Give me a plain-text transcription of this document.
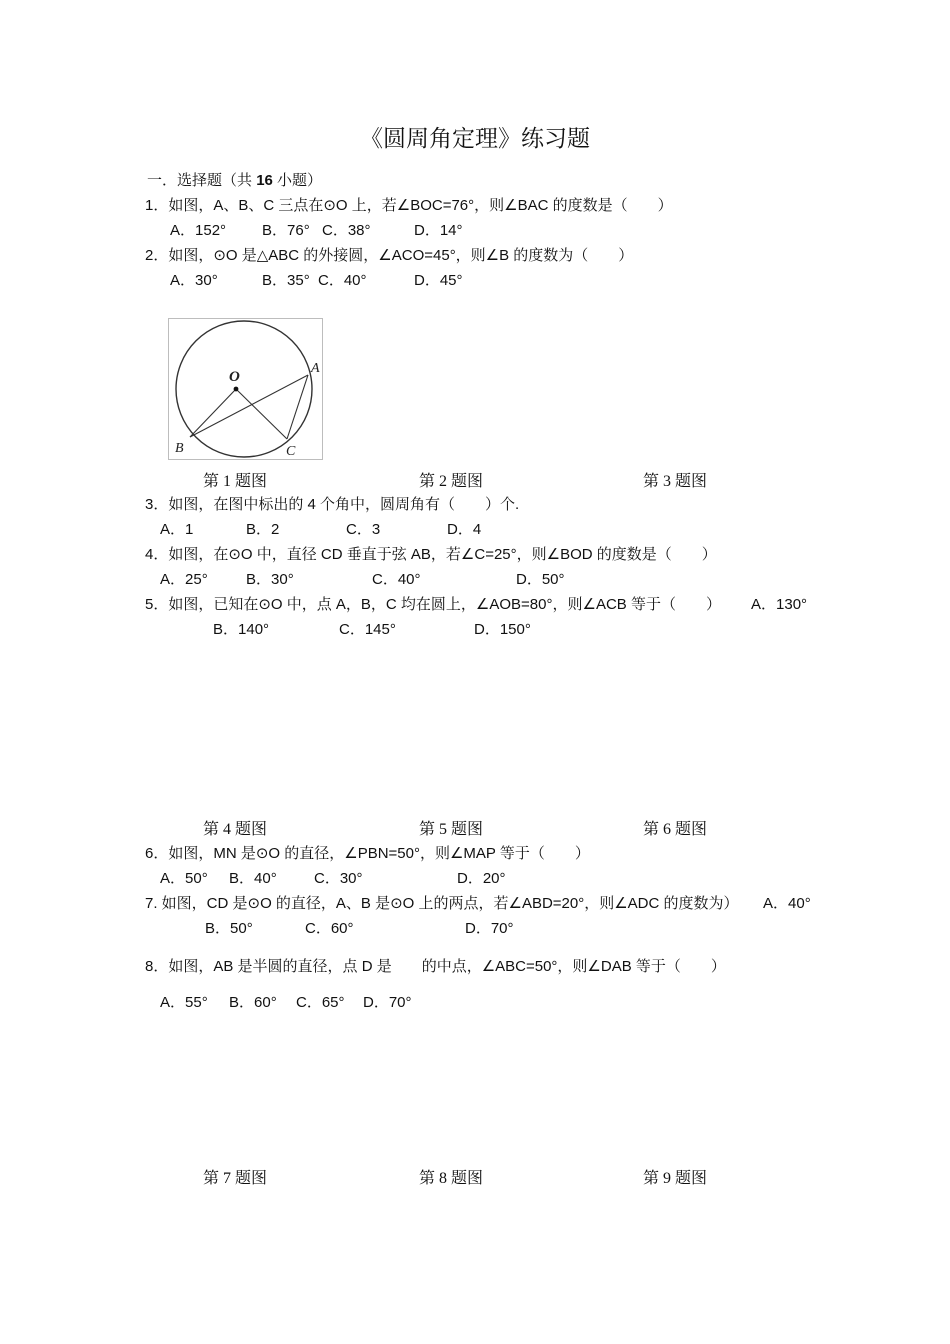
《圆周角定理》练习题
一．选择题（共 16 小题）
1．如图，A、B、C 三点在⊙O 上，若∠BOC=76°，则∠BAC 的度数是（　　）
A．152° B．76° C．38°	D．14°
2．如图，⊙O 是△ABC 的外接圆，∠ACO=45°，则∠B 的度数为（　　）
A．30°	B．35° C．40°	D．45°
O
A
B	C
第 1 题图	第 2 题图	第 3 题图
3．如图，在图中标出的 4 个角中，圆周角有（　　）个.
A．1	B．2	C．3	D．4
4．如图，在⊙O 中，直径 CD 垂直于弦 AB，若∠C=25°，则∠BOD 的度数是（　　）
A．25°	B．30°	C．40°	D．50°
5．如图，已知在⊙O 中，点 A，B，C 均在圆上，∠AOB=80°，则∠ACB 等于（　　） A．130°
B．140°	C．145°	D．150°
第 4 题图	第 5 题图	第 6 题图
6．如图，MN 是⊙O 的直径，∠PBN=50°，则∠MAP 等于（　　）
A．50° B．40° C．30°	D．20°
7. 如图，CD 是⊙O 的直径，A、B 是⊙O 上的两点，若∠ABD=20°，则∠ADC 的度数为） A．40°
B．50°	C．60°	D．70°
8．如图，AB 是半圆的直径，点 D 是　　的中点，∠ABC=50°，则∠DAB 等于（　　）
A．55° B．60° C．65° D．70°
第 7 题图	第 8 题图	第 9 题图
